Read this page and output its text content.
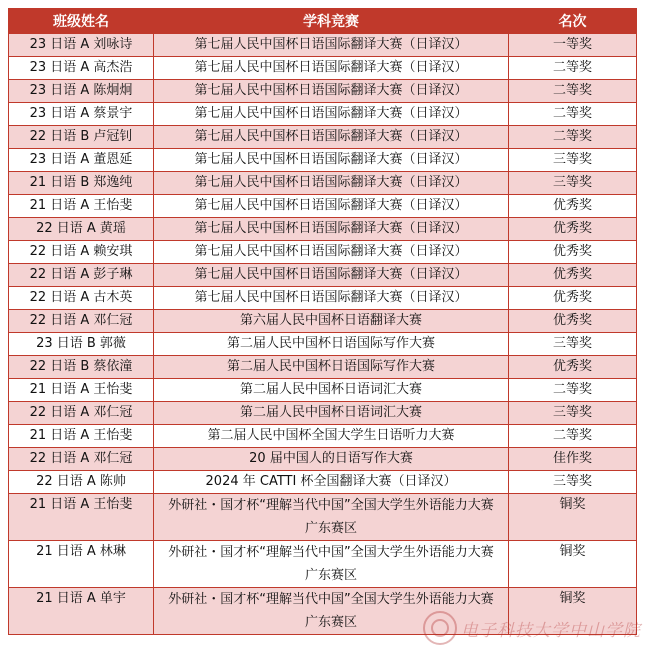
班级姓名	学科竞赛	名次
23 日语 A 刘咏诗	第七届人民中国杯日语国际翻译大赛（日译汉）	一等奖
23 日语 A 高杰浩	第七届人民中国杯日语国际翻译大赛（日译汉）	二等奖
23 日语 A 陈炯炯	第七届人民中国杯日语国际翻译大赛（日译汉）	二等奖
23 日语 A 蔡景宇	第七届人民中国杯日语国际翻译大赛（日译汉）	二等奖
22 日语 B 卢冠钊	第七届人民中国杯日语国际翻译大赛（日译汉）	二等奖
23 日语 A 董恩延	第七届人民中国杯日语国际翻译大赛（日译汉）	三等奖
21 日语 B 郑逸纯	第七届人民中国杯日语国际翻译大赛（日译汉）	三等奖
21 日语 A 王怡斐	第七届人民中国杯日语国际翻译大赛（日译汉）	优秀奖
22 日语 A 黄瑶	第七届人民中国杯日语国际翻译大赛（日译汉）	优秀奖
22 日语 A 赖安琪	第七届人民中国杯日语国际翻译大赛（日译汉）	优秀奖
22 日语 A 彭子琳	第七届人民中国杯日语国际翻译大赛（日译汉）	优秀奖
22 日语 A 古木英	第七届人民中国杯日语国际翻译大赛（日译汉）	优秀奖
22 日语 A 邓仁冠	第六届人民中国杯日语翻译大赛	优秀奖
23 日语 B 郭薇	第二届人民中国杯日语国际写作大赛	三等奖
22 日语 B 蔡依潼	第二届人民中国杯日语国际写作大赛	优秀奖
21 日语 A 王怡斐	第二届人民中国杯日语词汇大赛	二等奖
22 日语 A 邓仁冠	第二届人民中国杯日语词汇大赛	三等奖
21 日语 A 王怡斐	第二届人民中国杯全国大学生日语听力大赛	二等奖
22 日语 A 邓仁冠	20 届中国人的日语写作大赛	佳作奖
22 日语 A 陈帅	2024 年 CATTI 杯全国翻译大赛（日译汉）	三等奖
21 日语 A 王怡斐	外研社・国才杯“理解当代中国”全国大学生外语能力大赛广东赛区	铜奖
21 日语 A 林琳	外研社・国才杯“理解当代中国”全国大学生外语能力大赛广东赛区	铜奖
21 日语 A 单宇	外研社・国才杯“理解当代中国”全国大学生外语能力大赛广东赛区	铜奖
电子科技大学中山学院
